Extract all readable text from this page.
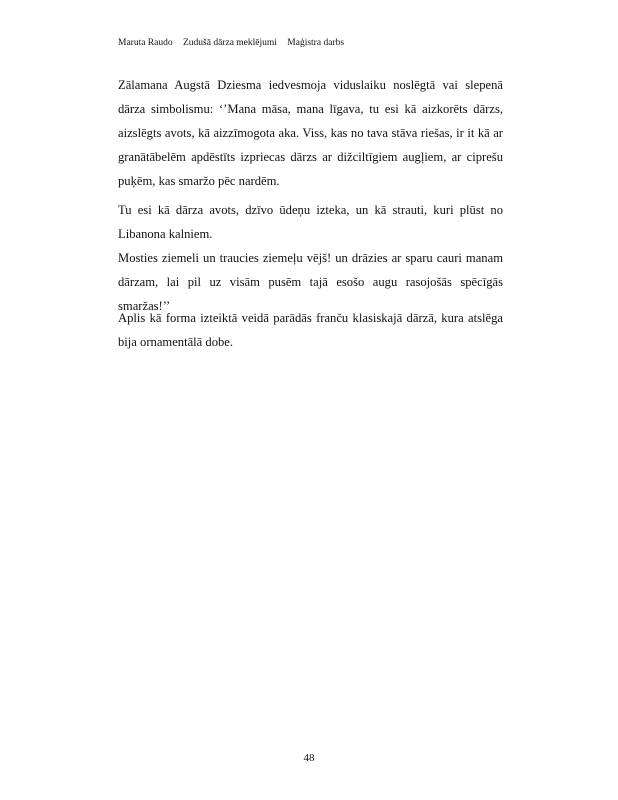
Maruta Raudo Zudušā dārza meklējumi Maģistra darbs

Zālamana Augstā Dziesma iedvesmoja viduslaiku noslēgtā vai slepenā dārza simbolismu: ‘’Mana māsa, mana līgava, tu esi kā aizkorēts dārzs, aizslēgts avots, kā aizzīmogota aka. Viss, kas no tava stāva riešas, ir it kā ar granātābelēm apdēstīts izpriecas dārzs ar dižciltīgiem augļiem, ar ciprešu puķēm, kas smaržo pēc nardēm.

Tu esi kā dārza avots, dzīvo ūdeņu izteka, un kā strauti, kuri plūst no Libanona kalniem.

Mosties ziemeli un traucies ziemeļu vējš! un drāzies ar sparu cauri manam dārzam, lai pil uz visām pusēm tajā esošo augu rasojošās spēcīgās smaržas!’’

Aplis kā forma izteiktā veidā parādās franču klasiskajā dārzā, kura atslēga bija ornamentālā dobe.

48
